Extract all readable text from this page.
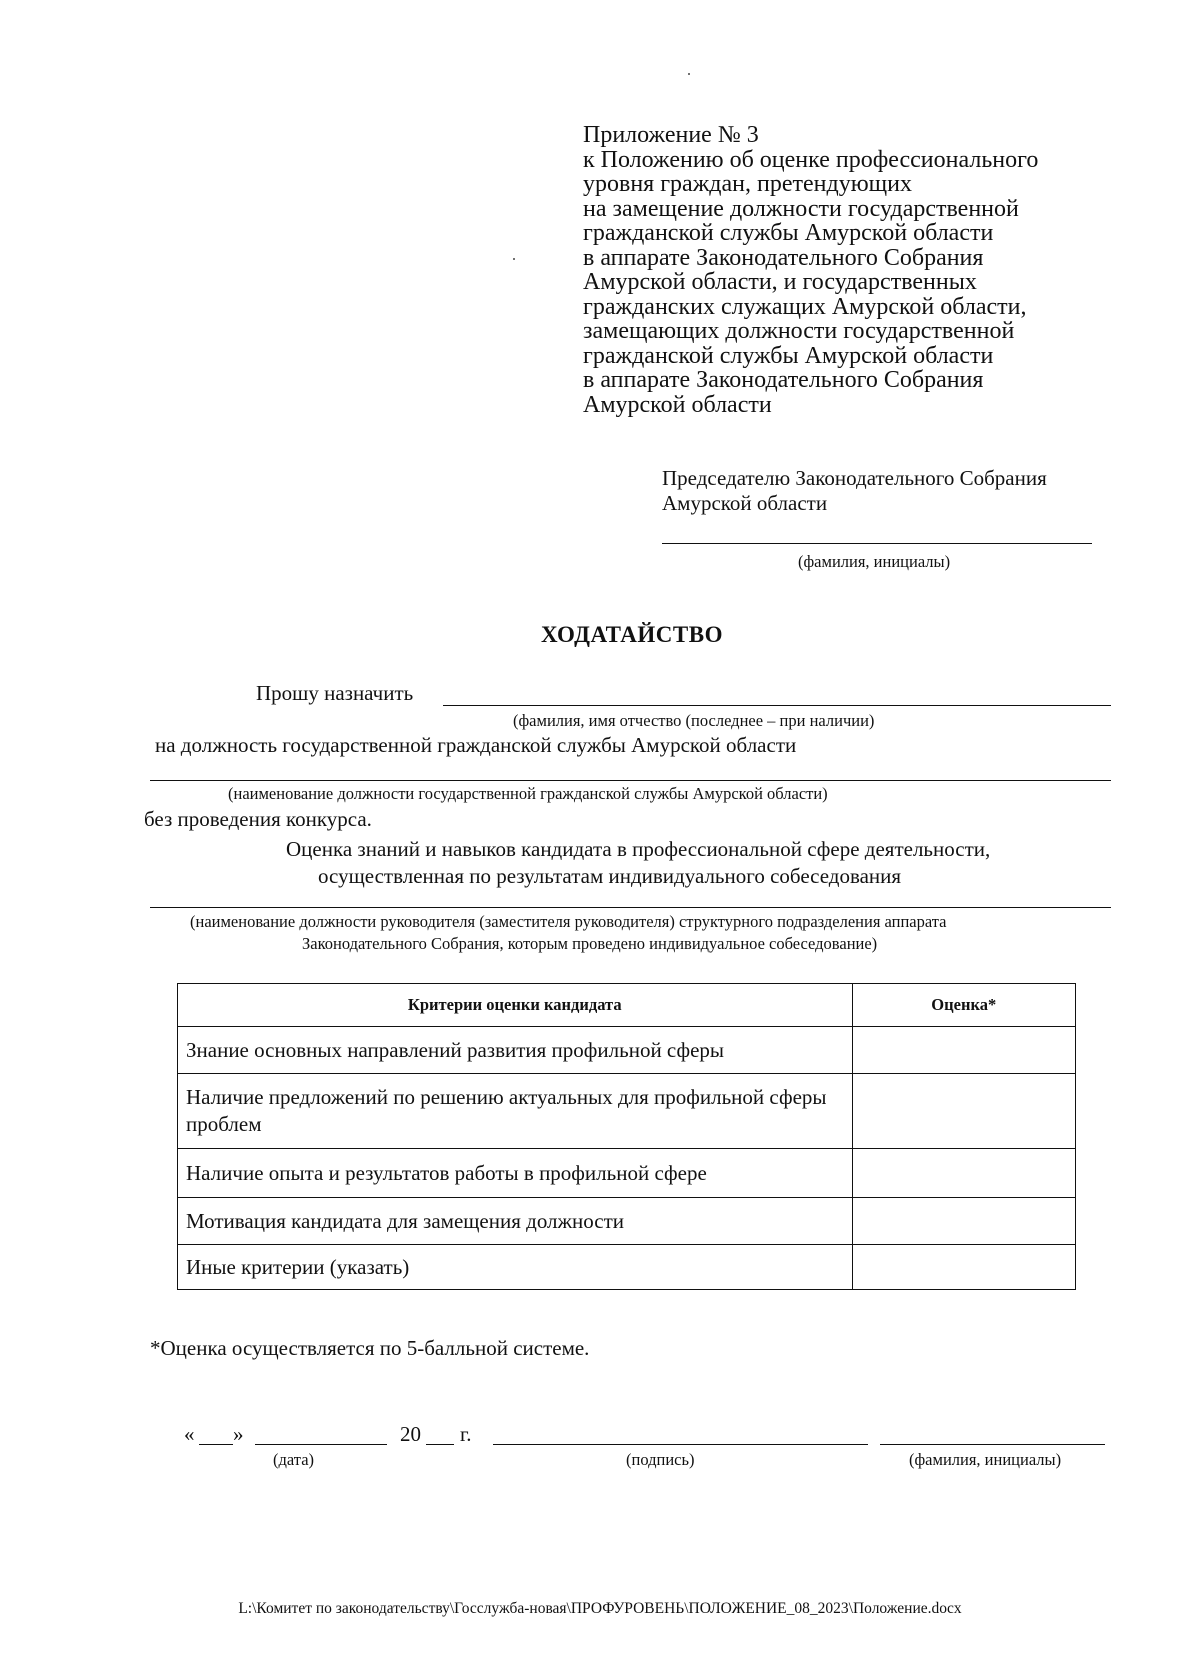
Приложение № 3
к Положению об оценке профессионального
уровня граждан, претендующих
на замещение должности государственной
гражданской службы Амурской области
в аппарате Законодательного Собрания
Амурской области, и государственных
гражданских служащих Амурской области,
замещающих должности государственной
гражданской службы Амурской области
в аппарате Законодательного Собрания
Амурской области
Председателю Законодательного Собрания
Амурской области
(фамилия, инициалы)
ХОДАТАЙСТВО
Прошу назначить
(фамилия, имя отчество (последнее – при наличии)
на должность государственной гражданской службы Амурской области
(наименование должности государственной гражданской службы Амурской области)
без проведения конкурса.
Оценка знаний и навыков кандидата в профессиональной сфере деятельности,
осуществленная по результатам индивидуального собеседования
(наименование должности руководителя (заместителя руководителя) структурного подразделения аппарата
Законодательного Собрания, которым проведено индивидуальное собеседование)
Критерии оценки кандидата	Оценка*
Знание основных направлений развития профильной сферы	
Наличие предложений по решению актуальных для профильной сферы проблем	
Наличие опыта и результатов работы в профильной сфере	
Мотивация кандидата для замещения должности	
Иные критерии (указать)	
*Оценка осуществляется по 5-балльной системе.
« »	20 г.
(дата)	(подпись)	(фамилия, инициалы)
L:\Комитет по законодательству\Госслужба-новая\ПРОФУРОВЕНЬ\ПОЛОЖЕНИЕ_08_2023\Положение.docx
